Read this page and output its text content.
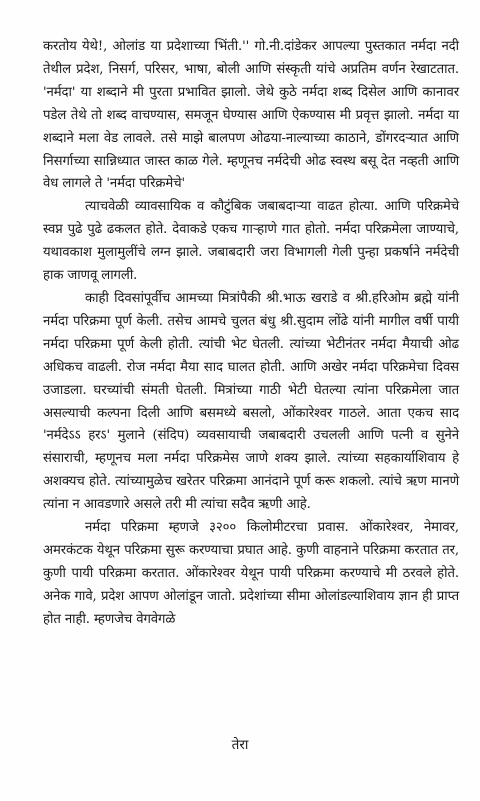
करतोय येथे!, ओलांड या प्रदेशाच्या भिंती.'' गो.नी.दांडेकर आपल्या पुस्तकात नर्मदा नदी तेथील प्रदेश, निसर्ग, परिसर, भाषा, बोली आणि संस्कृती यांचे अप्रतिम वर्णन रेखाटतात. 'नर्मदा' या शब्दाने मी पुरता प्रभावित झालो. जेथे कुठे नर्मदा शब्द दिसेल आणि कानावर पडेल तेथे तो शब्द वाचण्यास, समजून घेण्यास आणि ऐकण्यास मी प्रवृत्त झालो. नर्मदा या शब्दाने मला वेड लावले. तसे माझे बालपण ओढया-नाल्याच्या काठाने, डोंगरदऱ्यात आणि निसर्गाच्या सान्निध्यात जास्त काळ गेले. म्हणूनच नर्मदेची ओढ स्वस्थ बसू देत नव्हती आणि वेध लागले ते 'नर्मदा परिक्रमेचे'

त्याचवेळी व्यावसायिक व कौटुंबिक जबाबदाऱ्या वाढत होत्या. आणि परिक्रमेचे स्वप्न पुढे पुढे ढकलत होते. देवाकडे एकच गाऱ्हाणे गात होतो. नर्मदा परिक्रमेला जाण्याचे, यथावकाश मुलामुलींचे लग्न झाले. जबाबदारी जरा विभागली गेली पुन्हा प्रकर्षाने नर्मदेची हाक जाणवू लागली.

काही दिवसांपूर्वीच आमच्या मित्रांपैकी श्री.भाऊ खराडे व श्री.हरिओम ब्रह्मे यांनी नर्मदा परिक्रमा पूर्ण केली. तसेच आमचे चुलत बंधु श्री.सुदाम लोंढे यांनी मागील वर्षी पायी नर्मदा परिक्रमा पूर्ण केली होती. त्यांची भेट घेतली. त्यांच्या भेटीनंतर नर्मदा मैयाची ओढ अधिकच वाढली. रोज नर्मदा मैया साद घालत होती. आणि अखेर नर्मदा परिक्रमेचा दिवस उजाडला. घरच्यांची संमती घेतली. मित्रांच्या गाठी भेटी घेतल्या त्यांना परिक्रमेला जात असल्याची कल्पना दिली आणि बसमध्ये बसलो, ओंकारेश्वर गाठले. आता एकच साद 'नर्मदेऽऽ हरऽ' मुलाने (संदिप) व्यवसायाची जबाबदारी उचलली आणि पत्नी व सुनेने संसाराची, म्हणूनच मला नर्मदा परिक्रमेस जाणे शक्य झाले. त्यांच्या सहकार्याशिवाय हे अशक्यच होते. त्यांच्यामुळेच खरेतर परिक्रमा आनंदाने पूर्ण करू शकलो. त्यांचे ऋण मानणे त्यांना न आवडणारे असले तरी मी त्यांचा सदैव ऋणी आहे.

नर्मदा परिक्रमा म्हणजे ३२०० किलोमीटरचा प्रवास. ओंकारेश्वर, नेमावर, अमरकंटक येथून परिक्रमा सुरू करण्याचा प्रघात आहे. कुणी वाहनाने परिक्रमा करतात तर, कुणी पायी परिक्रमा करतात. ओंकारेश्वर येथून पायी परिक्रमा करण्याचे मी ठरवले होते. अनेक गावे, प्रदेश आपण ओलांडून जातो. प्रदेशांच्या सीमा ओलांडल्याशिवाय ज्ञान ही प्राप्त होत नाही. म्हणजेच वेगवेगळे

तेरा
